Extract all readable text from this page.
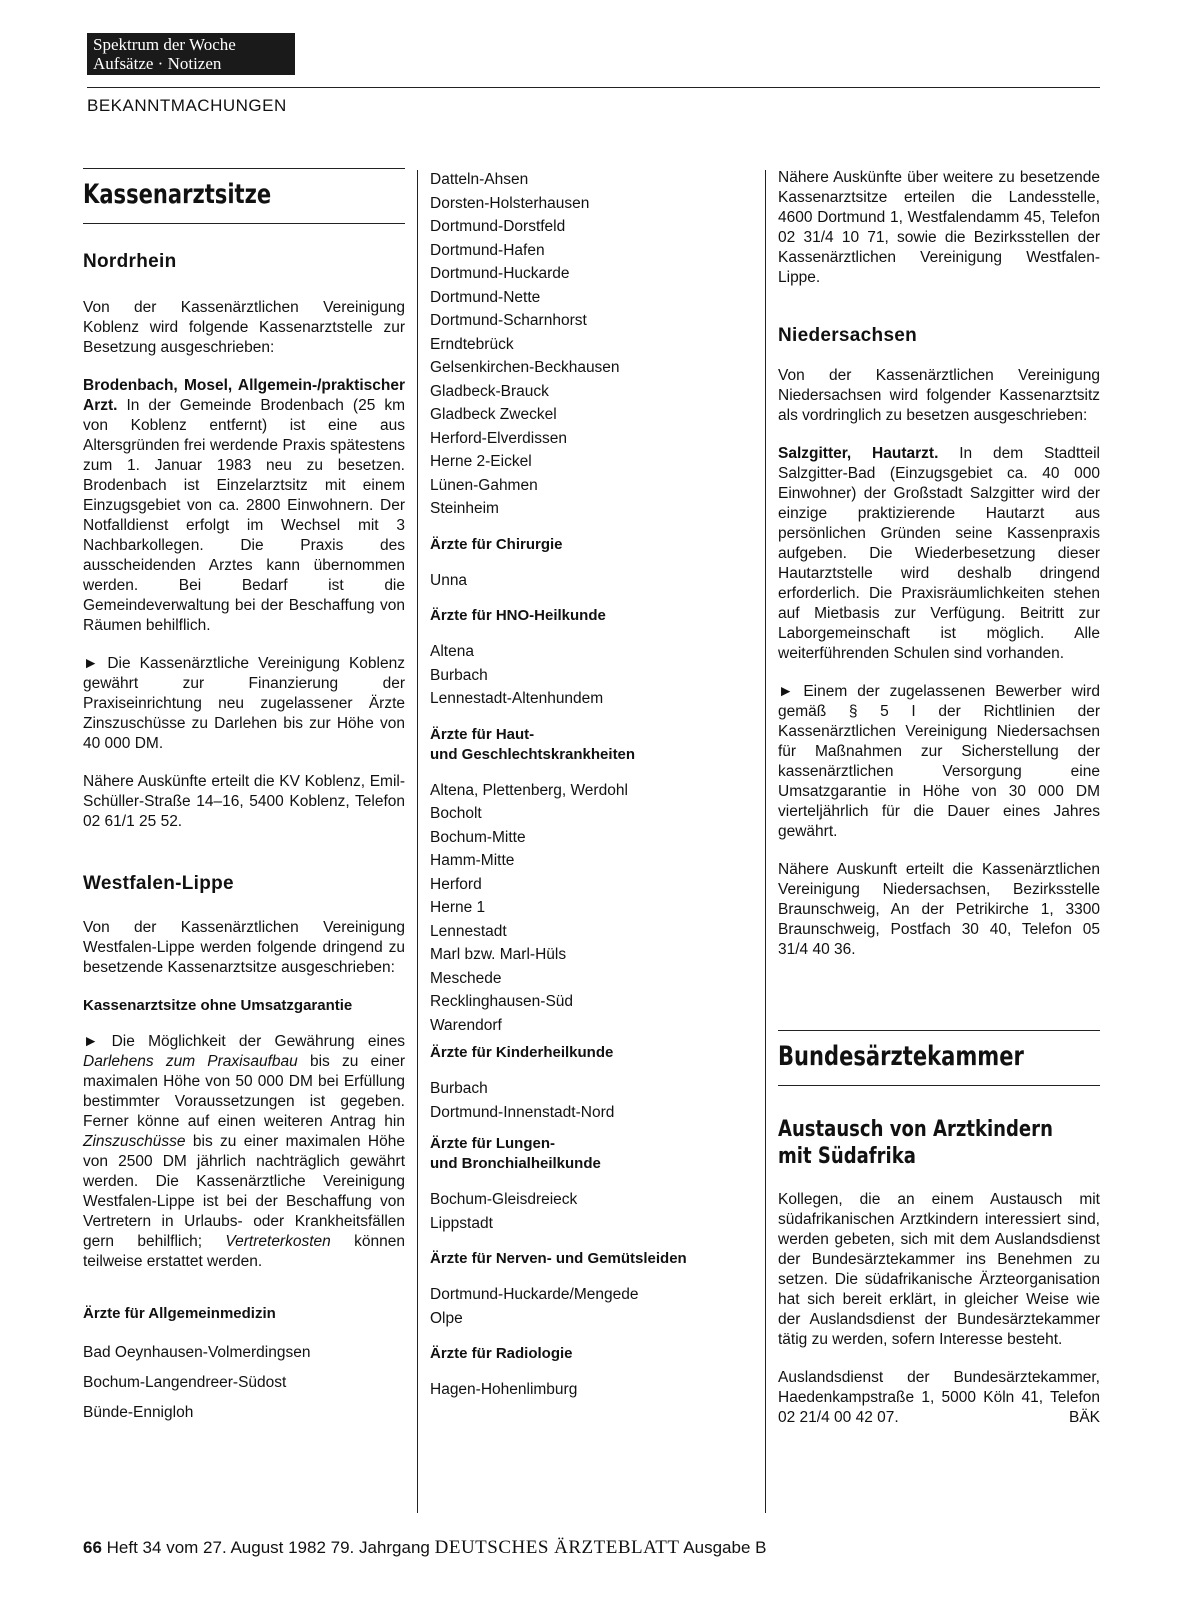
Spektrum der Woche
Aufsätze · Notizen
BEKANNTMACHUNGEN
Kassenarztsitze
Nordrhein

Von der Kassenärztlichen Vereinigung Koblenz wird folgende Kassenarztstelle zur Besetzung ausgeschrieben:

Brodenbach, Mosel, Allgemein-/praktischer Arzt. In der Gemeinde Brodenbach (25 km von Koblenz entfernt) ist eine aus Altersgründen frei werdende Praxis spätestens zum 1. Januar 1983 neu zu besetzen. Brodenbach ist Einzelarztsitz mit einem Einzugsgebiet von ca. 2800 Einwohnern. Der Notfalldienst erfolgt im Wechsel mit 3 Nachbarkollegen. Die Praxis des ausscheidenden Arztes kann übernommen werden. Bei Bedarf ist die Gemeindeverwaltung bei der Beschaffung von Räumen behilflich.

► Die Kassenärztliche Vereinigung Koblenz gewährt zur Finanzierung der Praxiseinrichtung neu zugelassener Ärzte Zinszuschüsse zu Darlehen bis zur Höhe von 40 000 DM.

Nähere Auskünfte erteilt die KV Koblenz, Emil-Schüller-Straße 14–16, 5400 Koblenz, Telefon 02 61/1 25 52.

Westfalen-Lippe

Von der Kassenärztlichen Vereinigung Westfalen-Lippe werden folgende dringend zu besetzende Kassenarztsitze ausgeschrieben:

Kassenarztsitze ohne Umsatzgarantie

► Die Möglichkeit der Gewährung eines Darlehens zum Praxisaufbau bis zu einer maximalen Höhe von 50 000 DM bei Erfüllung bestimmter Voraussetzungen ist gegeben. Ferner könne auf einen weiteren Antrag hin Zinszuschüsse bis zu einer maximalen Höhe von 2500 DM jährlich nachträglich gewährt werden. Die Kassenärztliche Vereinigung Westfalen-Lippe ist bei der Beschaffung von Vertretern in Urlaubs- oder Krankheitsfällen gern behilflich; Vertreterkosten können teilweise erstattet werden.

Ärzte für Allgemeinmedizin
Bad Oeynhausen-Volmerdingsen
Bochum-Langendreer-Südost
Bünde-Ennigloh
Datteln-Ahsen
Dorsten-Holsterhausen
Dortmund-Dorstfeld
Dortmund-Hafen
Dortmund-Huckarde
Dortmund-Nette
Dortmund-Scharnhorst
Erndtebrück
Gelsenkirchen-Beckhausen
Gladbeck-Brauck
Gladbeck Zweckel
Herford-Elverdissen
Herne 2-Eickel
Lünen-Gahmen
Steinheim
Ärzte für Chirurgie
Unna
Ärzte für HNO-Heilkunde
Altena
Burbach
Lennestadt-Altenhundem
Ärzte für Haut-
und Geschlechtskrankheiten
Altena, Plettenberg, Werdohl
Bocholt
Bochum-Mitte
Hamm-Mitte
Herford
Herne 1
Lennestadt
Marl bzw. Marl-Hüls
Meschede
Recklinghausen-Süd
Warendorf
Ärzte für Kinderheilkunde
Burbach
Dortmund-Innenstadt-Nord
Ärzte für Lungen-
und Bronchialheilkunde
Bochum-Gleisdreieck
Lippstadt
Ärzte für Nerven- und Gemütsleiden
Dortmund-Huckarde/Mengede
Olpe
Ärzte für Radiologie
Hagen-Hohenlimburg

Nähere Auskünfte über weitere zu besetzende Kassenarztsitze erteilen die Landesstelle, 4600 Dortmund 1, Westfalendamm 45, Telefon 02 31/4 10 71, sowie die Bezirksstellen der Kassenärztlichen Vereinigung Westfalen-Lippe.

Niedersachsen

Von der Kassenärztlichen Vereinigung Niedersachsen wird folgender Kassenarztsitz als vordringlich zu besetzen ausgeschrieben:

Salzgitter, Hautarzt. In dem Stadtteil Salzgitter-Bad (Einzugsgebiet ca. 40 000 Einwohner) der Großstadt Salzgitter wird der einzige praktizierende Hautarzt aus persönlichen Gründen seine Kassenpraxis aufgeben. Die Wiederbesetzung dieser Hautarztstelle wird deshalb dringend erforderlich. Die Praxisräumlichkeiten stehen auf Mietbasis zur Verfügung. Beitritt zur Laborgemeinschaft ist möglich. Alle weiterführenden Schulen sind vorhanden.

► Einem der zugelassenen Bewerber wird gemäß § 5 I der Richtlinien der Kassenärztlichen Vereinigung Niedersachsen für Maßnahmen zur Sicherstellung der kassenärztlichen Versorgung eine Umsatzgarantie in Höhe von 30 000 DM vierteljährlich für die Dauer eines Jahres gewährt.

Nähere Auskunft erteilt die Kassenärztlichen Vereinigung Niedersachsen, Bezirksstelle Braunschweig, An der Petrikirche 1, 3300 Braunschweig, Postfach 30 40, Telefon 05 31/4 40 36.

Bundesärztekammer
Austausch von Arztkindern
mit Südafrika

Kollegen, die an einem Austausch mit südafrikanischen Arztkindern interessiert sind, werden gebeten, sich mit dem Auslandsdienst der Bundesärztekammer ins Benehmen zu setzen. Die südafrikanische Ärzteorganisation hat sich bereit erklärt, in gleicher Weise wie der Auslandsdienst der Bundesärztekammer tätig zu werden, sofern Interesse besteht.

Auslandsdienst der Bundesärztekammer, Haedenkampstraße 1, 5000 Köln 41, Telefon 02 21/4 00 42 07.	BÄK

66 Heft 34 vom 27. August 1982 79. Jahrgang DEUTSCHES ÄRZTEBLATT Ausgabe B
